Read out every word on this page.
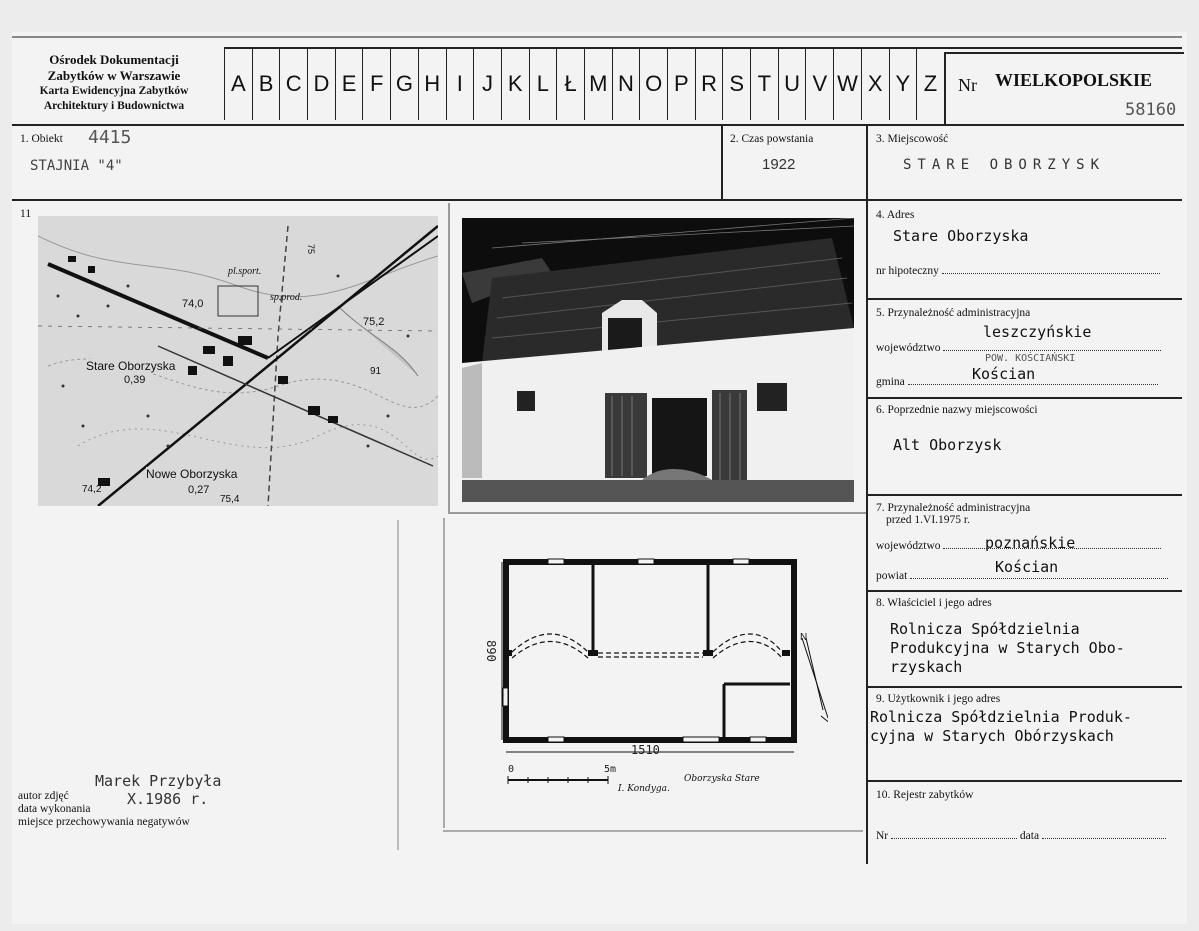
Ośrodek Dokumentacji
Zabytków w Warszawie
Karta Ewidencyjna Zabytków
Architektury i Budownictwa
A B C D E F G H I J K L Ł M N O P R S T U V W X Y Z	Nr WIELKOPOLSKIE
58160
1. Obiekt 4415
STAJNIA "4"
2. Czas powstania
1922
3. Miejscowość
STARE OBORZYSK
11
pl.sport.
sp.prod.
74,0
75,2
75
Stare Oborzyska
0,39
91
Nowe Oborzyska
74,2	0,27
75,4
4. Adres
Stare Oborzyska
nr hipoteczny
5. Przynależność administracyjna
leszczyńskie
województwo
POW. KOŚCIAŃSKI
Kościan
gmina
6. Poprzednie nazwy miejscowości
Alt Oborzysk
7. Przynależność administracyjna
przed 1.VI.1975 r.
poznańskie
województwo
Kościan
powiat
8. Właściciel i jego adres
Rolnicza Spółdzielnia
Produkcyjna w Starych Obo-
rzyskach
9. Użytkownik i jego adres
Rolnicza Spółdzielnia Produk-
cyjna w Starych Obórzyskach
10. Rejestr zabytków
Nr	data
1510
890
N
0	5m
I. Kondyga.
Oborzyska Stare
Marek Przybyła
X.1986 r.
autor zdjęć
data wykonania
miejsce przechowywania negatywów
